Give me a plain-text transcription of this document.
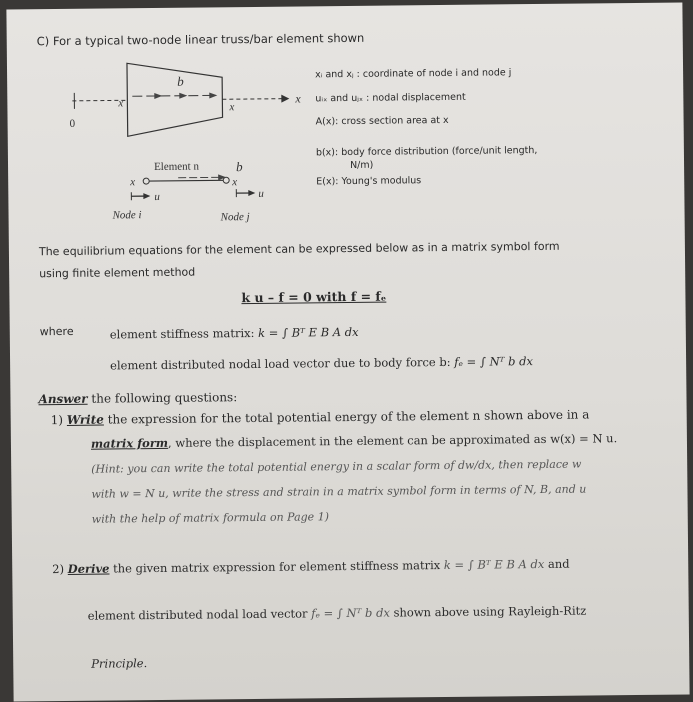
C) For a typical two-node linear truss/bar element shown
b
x	x
x
0
Element n	b
x	x
u	u
Node i	Node j
xᵢ and xⱼ : coordinate of node i and node j
uᵢₓ and uⱼₓ : nodal displacement
A(x): cross section area at x
b(x): body force distribution (force/unit length,
N/m)
E(x): Young's modulus
The equilibrium equations for the element can be expressed below as in a matrix symbol form
using finite element method
k u – f = 0 with f = fₑ
where	element stiffness matrix: k = ∫ Bᵀ E B A dx
element distributed nodal load vector due to body force b: fₑ = ∫ Nᵀ b dx
Answer the following questions:
1) Write the expression for the total potential energy of the element n shown above in a
matrix form, where the displacement in the element can be approximated as w(x) = N u.
(Hint: you can write the total potential energy in a scalar form of dw/dx, then replace w
with w = N u, write the stress and strain in a matrix symbol form in terms of N, B, and u
with the help of matrix formula on Page 1)
2) Derive the given matrix expression for element stiffness matrix k = ∫ Bᵀ E B A dx and
element distributed nodal load vector fₑ = ∫ Nᵀ b dx shown above using Rayleigh-Ritz
Principle.
